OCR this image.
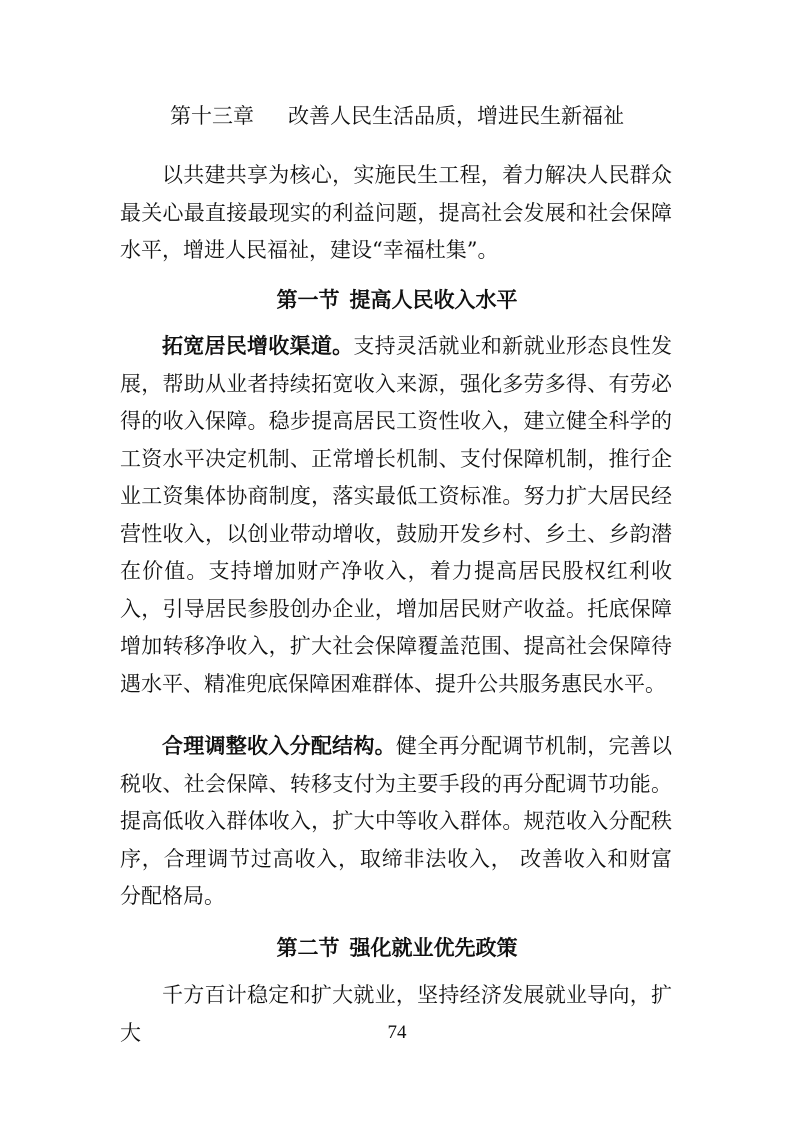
第十三章 改善人民生活品质，增进民生新福祉

以共建共享为核心，实施民生工程，着力解决人民群众最关心最直接最现实的利益问题，提高社会发展和社会保障水平，增进人民福祉，建设“幸福杜集”。

第一节 提高人民收入水平

拓宽居民增收渠道。支持灵活就业和新就业形态良性发展，帮助从业者持续拓宽收入来源，强化多劳多得、有劳必得的收入保障。稳步提高居民工资性收入，建立健全科学的工资水平决定机制、正常增长机制、支付保障机制，推行企业工资集体协商制度，落实最低工资标准。努力扩大居民经营性收入，以创业带动增收，鼓励开发乡村、乡土、乡韵潜在价值。支持增加财产净收入，着力提高居民股权红利收入，引导居民参股创办企业，增加居民财产收益。托底保障增加转移净收入，扩大社会保障覆盖范围、提高社会保障待遇水平、精准兜底保障困难群体、提升公共服务惠民水平。

合理调整收入分配结构。健全再分配调节机制，完善以税收、社会保障、转移支付为主要手段的再分配调节功能。提高低收入群体收入，扩大中等收入群体。规范收入分配秩序，合理调节过高收入，取缔非法收入， 改善收入和财富分配格局。

第二节 强化就业优先政策

千方百计稳定和扩大就业，坚持经济发展就业导向，扩大	74
